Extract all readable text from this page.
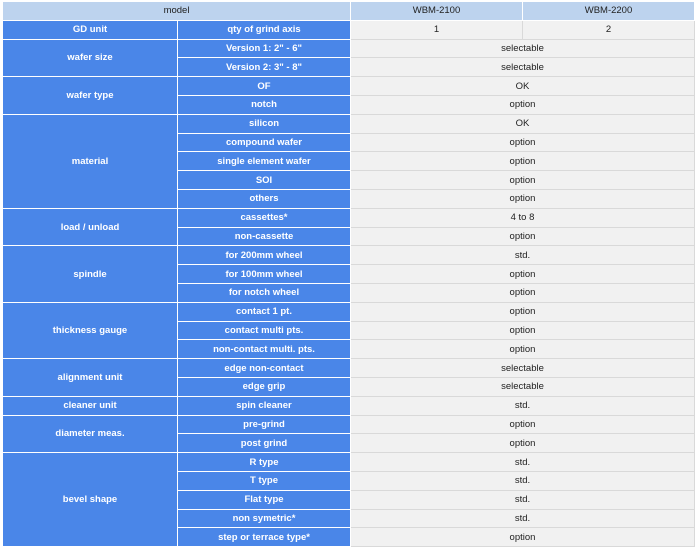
model		WBM-2100	WBM-2200
GD unit	qty of grind axis	1	2
wafer size	Version 1: 2" - 6"	selectable	
	Version 2: 3" - 8"	selectable	
wafer type	OF	OK	
	notch	option	
material	silicon	OK	
	compound wafer	option	
	single element wafer	option	
	SOI	option	
	others	option	
load / unload	cassettes*	4 to 8	
	non-cassette	option	
spindle	for 200mm wheel	std.	
	for 100mm wheel	option	
	for notch wheel	option	
thickness gauge	contact 1 pt.	option	
	contact multi pts.	option	
	non-contact multi. pts.	option	
alignment unit	edge non-contact	selectable	
	edge grip	selectable	
cleaner unit	spin cleaner	std.	
diameter meas.	pre-grind	option	
	post grind	option	
bevel shape	R type	std.	
	T type	std.	
	Flat type	std.	
	non symetric*	std.	
	step or terrace type*	option	
